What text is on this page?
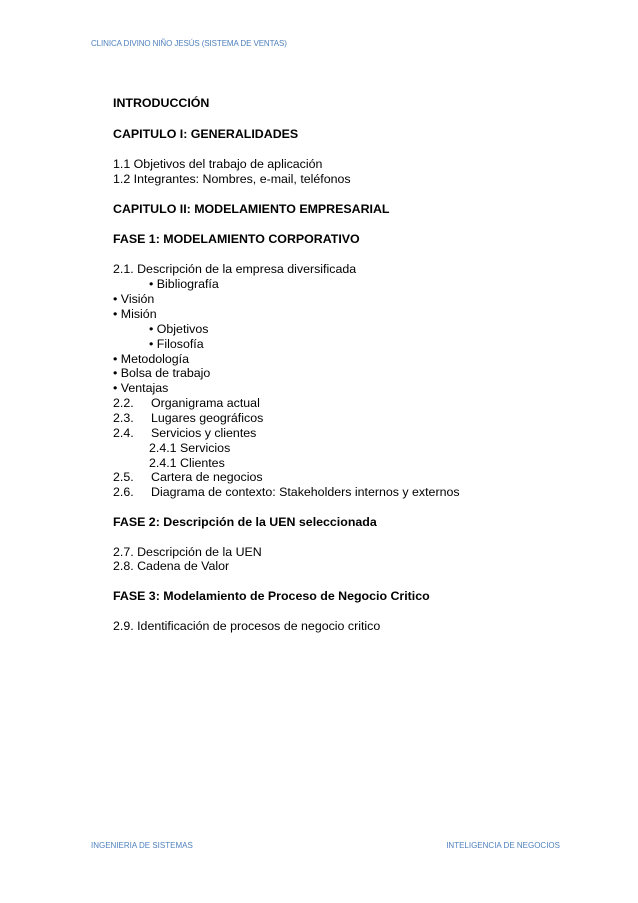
CLINICA DIVINO NIÑO JESÚS (SISTEMA DE VENTAS)
INTRODUCCIÓN
CAPITULO I: GENERALIDADES
1.1 Objetivos del trabajo de aplicación
1.2 Integrantes: Nombres, e-mail, teléfonos
CAPITULO II: MODELAMIENTO EMPRESARIAL
FASE 1: MODELAMIENTO CORPORATIVO
2.1. Descripción de la empresa diversificada
• Bibliografía
• Visión
• Misión
• Objetivos
• Filosofía
• Metodología
• Bolsa de trabajo
• Ventajas
2.2. Organigrama actual
2.3. Lugares geográficos
2.4. Servicios y clientes
2.4.1 Servicios
2.4.1 Clientes
2.5. Cartera de negocios
2.6. Diagrama de contexto: Stakeholders internos y externos
FASE 2: Descripción de la UEN seleccionada
2.7. Descripción de la UEN
2.8. Cadena de Valor
FASE 3: Modelamiento de Proceso de Negocio Critico
2.9. Identificación de procesos de negocio critico
INGENIERIA DE SISTEMAS	INTELIGENCIA DE NEGOCIOS
